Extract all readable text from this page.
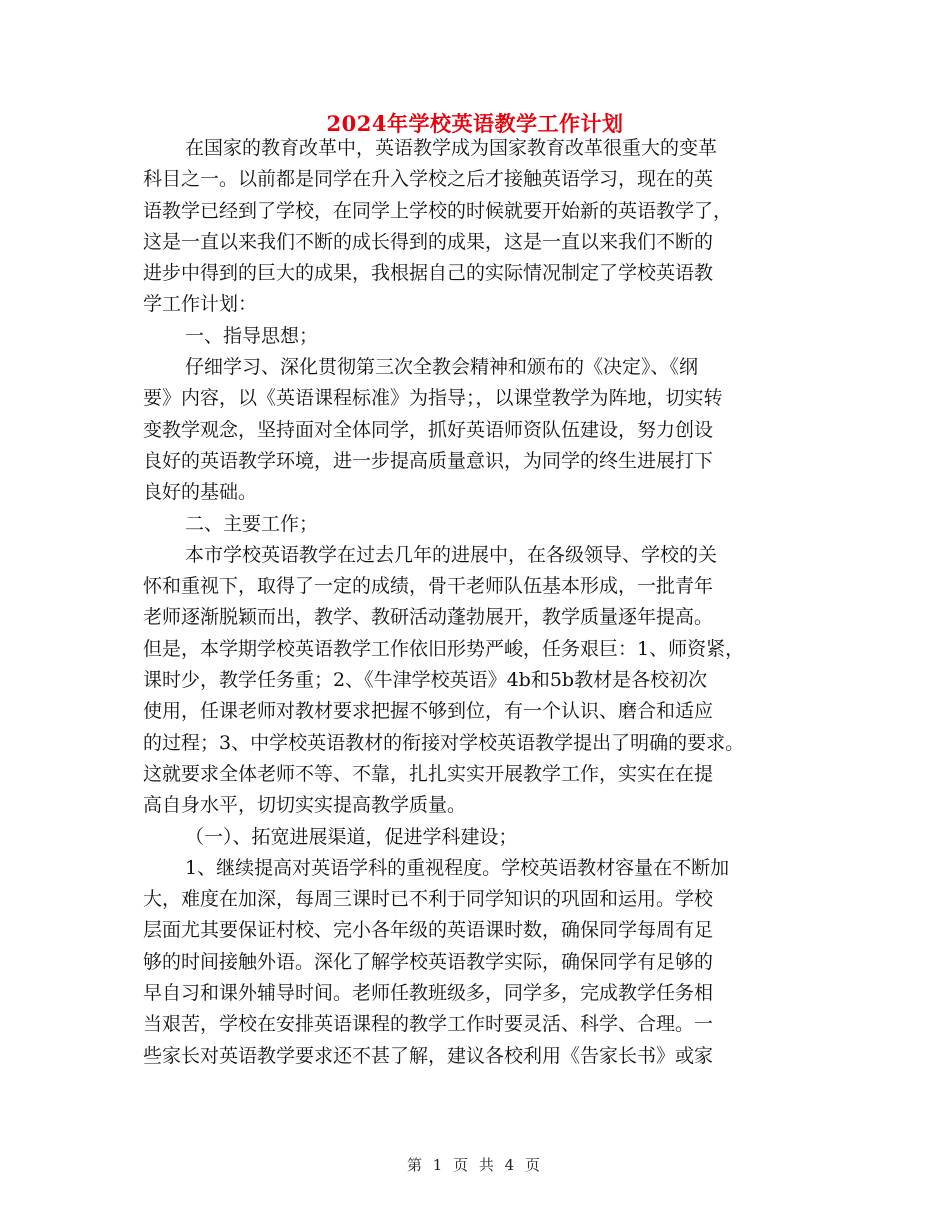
2024年学校英语教学工作计划
在国家的教育改革中，英语教学成为国家教育改革很重大的变革
科目之一。以前都是同学在升入学校之后才接触英语学习，现在的英
语教学已经到了学校，在同学上学校的时候就要开始新的英语教学了，
这是一直以来我们不断的成长得到的成果，这是一直以来我们不断的
进步中得到的巨大的成果，我根据自己的实际情况制定了学校英语教
学工作计划：
一、指导思想；
仔细学习、深化贯彻第三次全教会精神和颁布的《决定》、《纲
要》内容，以《英语课程标准》为指导；，以课堂教学为阵地，切实转
变教学观念，坚持面对全体同学，抓好英语师资队伍建设，努力创设
良好的英语教学环境，进一步提高质量意识，为同学的终生进展打下
良好的基础。
二、主要工作；
本市学校英语教学在过去几年的进展中，在各级领导、学校的关
怀和重视下，取得了一定的成绩，骨干老师队伍基本形成，一批青年
老师逐渐脱颖而出，教学、教研活动蓬勃展开，教学质量逐年提高。
但是，本学期学校英语教学工作依旧形势严峻，任务艰巨：1、师资紧，
课时少，教学任务重；2、《牛津学校英语》4b和5b教材是各校初次
使用，任课老师对教材要求把握不够到位，有一个认识、磨合和适应
的过程；3、中学校英语教材的衔接对学校英语教学提出了明确的要求。
这就要求全体老师不等、不靠，扎扎实实开展教学工作，实实在在提
高自身水平，切切实实提高教学质量。
（一）、拓宽进展渠道，促进学科建设；
1、继续提高对英语学科的重视程度。学校英语教材容量在不断加
大，难度在加深，每周三课时已不利于同学知识的巩固和运用。学校
层面尤其要保证村校、完小各年级的英语课时数，确保同学每周有足
够的时间接触外语。深化了解学校英语教学实际，确保同学有足够的
早自习和课外辅导时间。老师任教班级多，同学多，完成教学任务相
当艰苦，学校在安排英语课程的教学工作时要灵活、科学、合理。一
些家长对英语教学要求还不甚了解，建议各校利用《告家长书》或家
第 1 页 共 4 页
